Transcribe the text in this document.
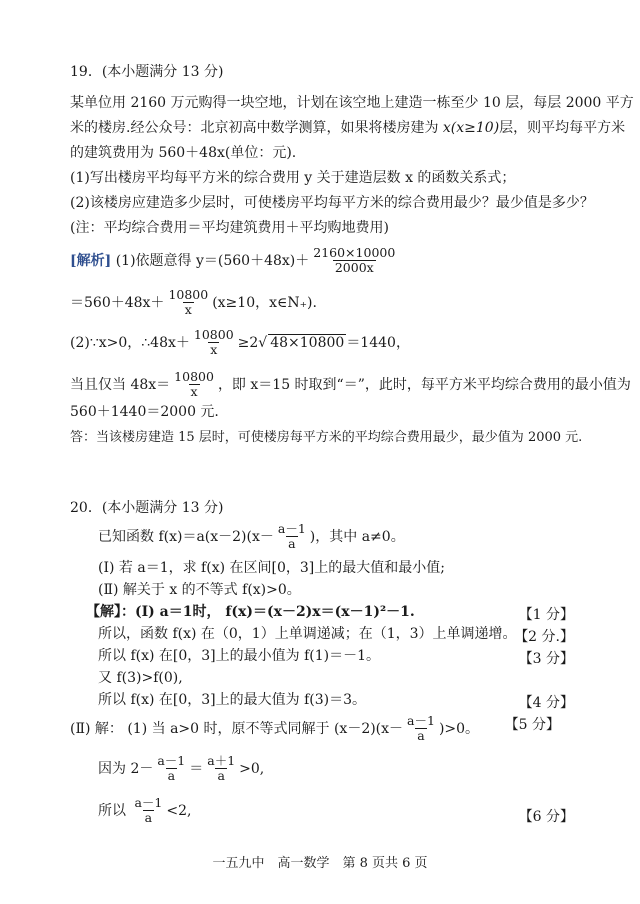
19．(本小题满分 13 分)
某单位用 2160 万元购得一块空地，计划在该空地上建造一栋至少 10 层，每层 2000 平方
米的楼房.经公众号：北京初高中数学测算，如果将楼房建为 x(x≥10)层，则平均每平方米
的建筑费用为 560＋48x(单位：元).
(1)写出楼房平均每平方米的综合费用 y 关于建造层数 x 的函数关系式；
(2)该楼房应建造多少层时，可使楼房平均每平方米的综合费用最少？最少值是多少？
(注：平均综合费用＝平均建筑费用＋平均购地费用)
[解析] (1)依题意得 $y=(560+48x)+ \frac{2160\times 10000}{2000x}$
$=560+48x+ \frac{10800}{x} (x\ge 10$，x∈N₊).
(2)∵x>0，∴48x＋ $\frac{10800}{x} \ge 2√$ 48×10800 ＝1440，
当且仅当 $48x= \frac{10800}{x}$ ，即 x＝15 时取到“＝”，此时，每平方米平均综合费用的最小值为
560＋1440＝2000 元.
答：当该楼房建造 15 层时，可使楼房每平方米的平均综合费用最少，最少值为 2000 元.
20．(本小题满分 13 分)
已知函数 $f(x)=a(x-2)(x- \frac{a-1}{a}$ )，其中 a≠0。
(Ⅰ) 若 a＝1，求 f(x) 在区间[0，3]上的最大值和最小值;
(Ⅱ) 解关于 x 的不等式 f(x)>0。
【解】：(Ⅰ) a＝1时， f(x)＝(x－2)x＝(x－1)²－1.	【1 分】
所以，函数 f(x) 在（0，1）上单调递减；在（1，3）上单调递增。
【2 分.】
所以 f(x) 在[0，3]上的最小值为 f(1)＝－1。	【3 分】
又 f(3)>f(0),
所以 f(x) 在[0，3]上的最大值为 f(3)＝3。	【4 分】
(Ⅱ) 解： (1) 当 a>0 时，原不等式同解于 $(x-2)(x- \frac{a-1}{a} )>0$。 【5 分】
因为 $2- \frac{a-1}{a} = \frac{a+1}{a} >0$,
所以 $\frac{a-1}{a} <2$,	【6 分】
一五九中　高一数学　第 8 页共 6 页
